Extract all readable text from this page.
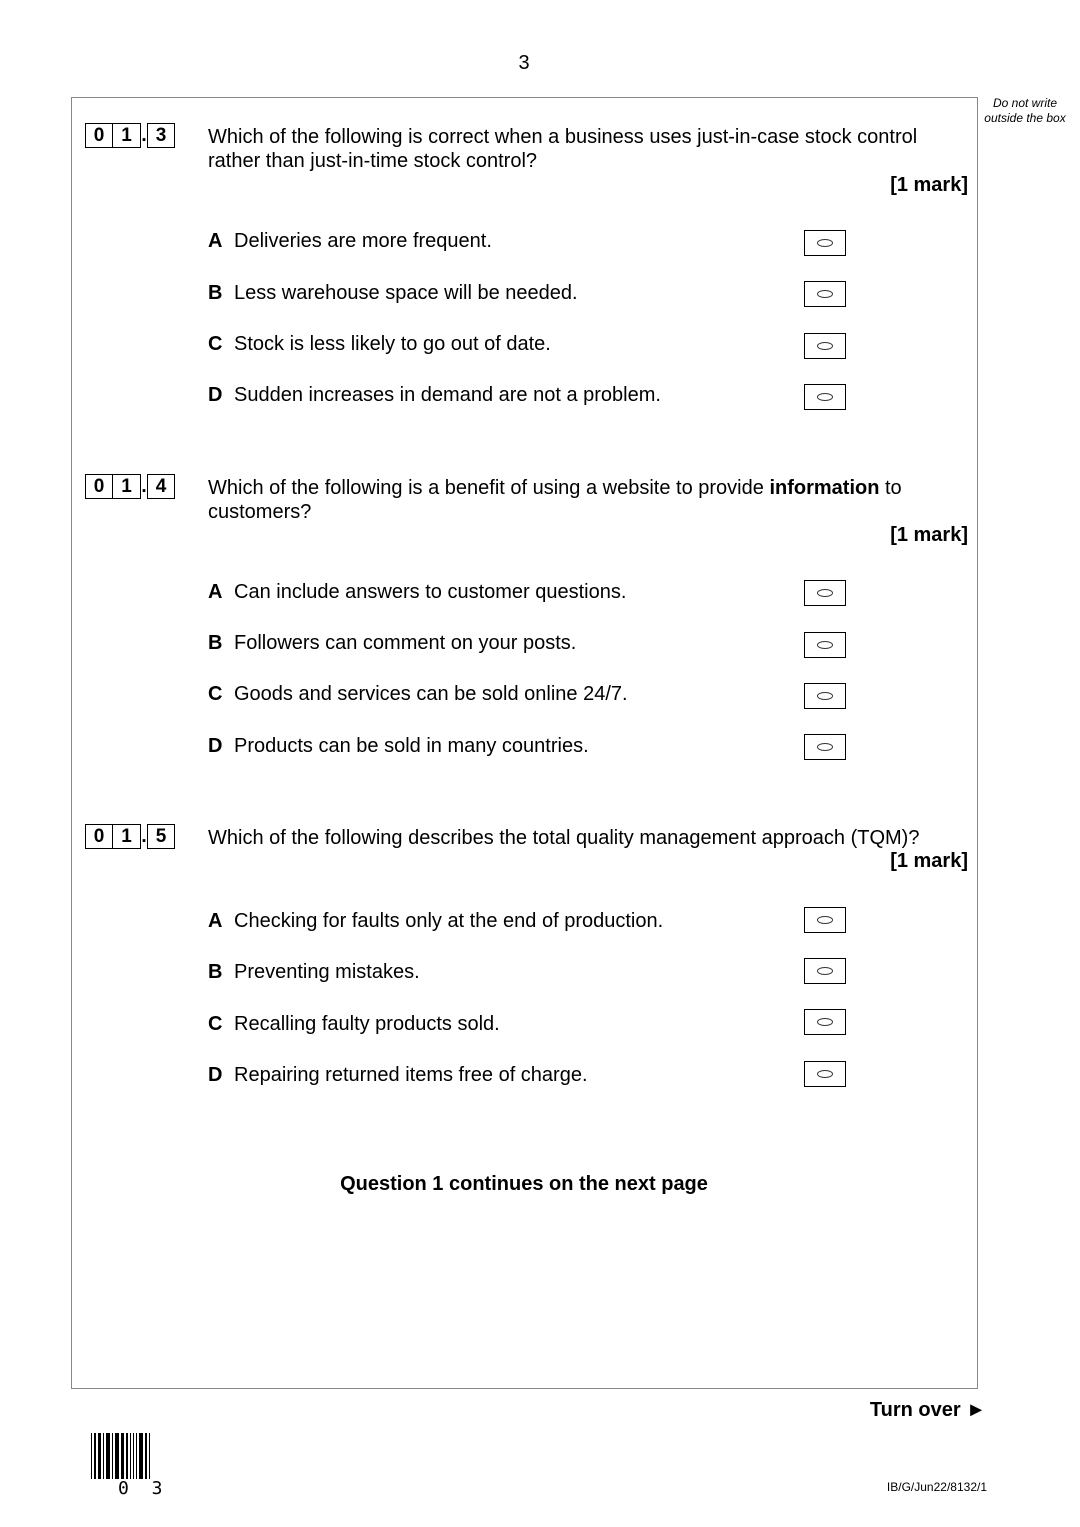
3
Do not write outside the box
0 1 . 3	Which of the following is correct when a business uses just-in-case stock control rather than just-in-time stock control?
[1 mark]
A Deliveries are more frequent.
B Less warehouse space will be needed.
C Stock is less likely to go out of date.
D Sudden increases in demand are not a problem.
0 1 . 4	Which of the following is a benefit of using a website to provide information to customers?
[1 mark]
A Can include answers to customer questions.
B Followers can comment on your posts.
C Goods and services can be sold online 24/7.
D Products can be sold in many countries.
0 1 . 5	Which of the following describes the total quality management approach (TQM)?
[1 mark]
A Checking for faults only at the end of production.
B Preventing mistakes.
C Recalling faulty products sold.
D Repairing returned items free of charge.
Question 1 continues on the next page
Turn over ►
IB/G/Jun22/8132/1
0 3
